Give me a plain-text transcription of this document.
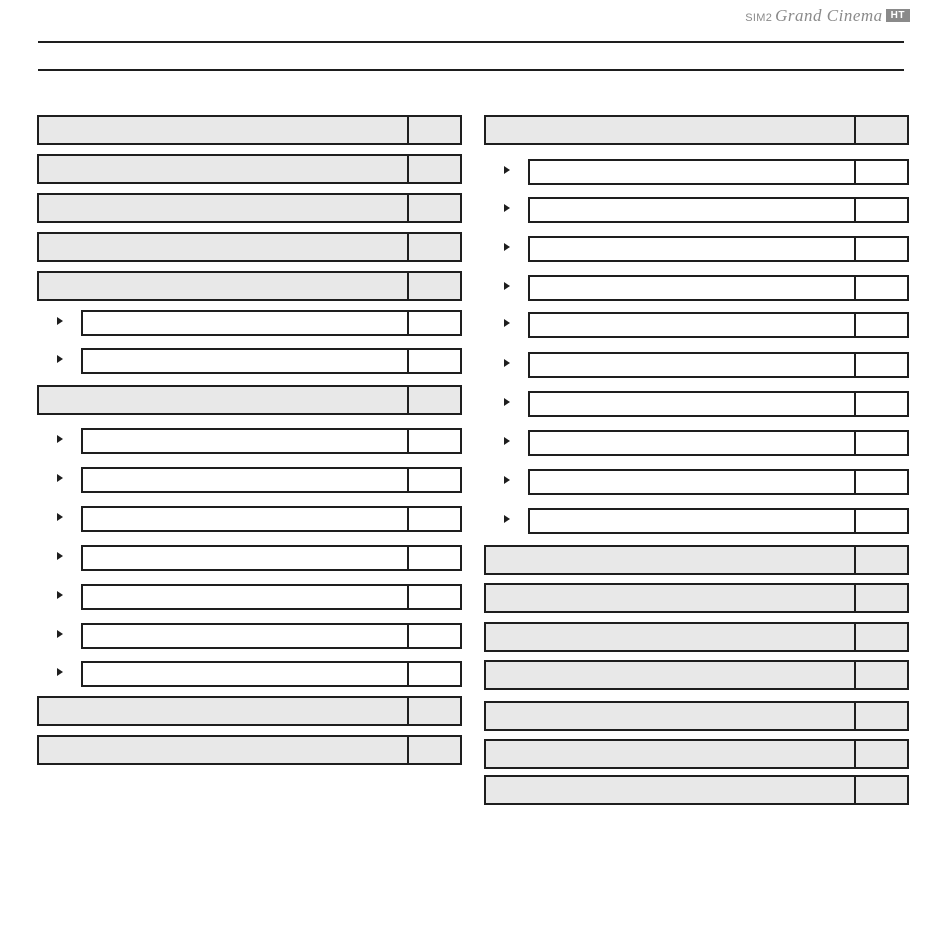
SIM2 Grand Cinema HT
